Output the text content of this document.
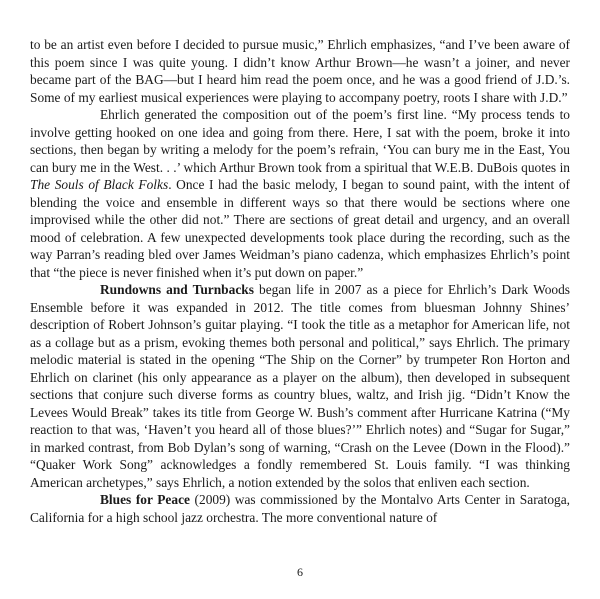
to be an artist even before I decided to pursue music,” Ehrlich emphasizes, “and I’ve been aware of this poem since I was quite young. I didn’t know Arthur Brown—he wasn’t a joiner, and never became part of the BAG—but I heard him read the poem once, and he was a good friend of J.D.’s. Some of my earliest musical experiences were playing to accompany poetry, roots I share with J.D.”

Ehrlich generated the composition out of the poem’s first line. “My process tends to involve getting hooked on one idea and going from there. Here, I sat with the poem, broke it into sections, then began by writing a melody for the poem’s refrain, ‘You can bury me in the East, You can bury me in the West. . .’ which Arthur Brown took from a spiritual that W.E.B. DuBois quotes in The Souls of Black Folks. Once I had the basic melody, I began to sound paint, with the intent of blending the voice and ensemble in different ways so that there would be sections where one improvised while the other did not.” There are sections of great detail and urgency, and an overall mood of celebration. A few unexpected developments took place during the recording, such as the way Parran’s reading bled over James Weidman’s piano cadenza, which emphasizes Ehrlich’s point that “the piece is never finished when it’s put down on paper.”

Rundowns and Turnbacks began life in 2007 as a piece for Ehrlich’s Dark Woods Ensemble before it was expanded in 2012. The title comes from bluesman Johnny Shines’ description of Robert Johnson’s guitar playing. “I took the title as a metaphor for American life, not as a collage but as a prism, evoking themes both personal and political,” says Ehrlich. The primary melodic material is stated in the opening “The Ship on the Corner” by trumpeter Ron Horton and Ehrlich on clarinet (his only appearance as a player on the album), then developed in subsequent sections that conjure such diverse forms as country blues, waltz, and Irish jig. “Didn’t Know the Levees Would Break” takes its title from George W. Bush’s comment after Hurricane Katrina (“My reaction to that was, ‘Haven’t you heard all of those blues?’” Ehrlich notes) and “Sugar for Sugar,” in marked contrast, from Bob Dylan’s song of warning, “Crash on the Levee (Down in the Flood).” “Quaker Work Song” acknowledges a fondly remembered St. Louis family. “I was thinking American archetypes,” says Ehrlich, a notion extended by the solos that enliven each section.

Blues for Peace (2009) was commissioned by the Montalvo Arts Center in Saratoga, California for a high school jazz orchestra. The more conventional nature of

6
